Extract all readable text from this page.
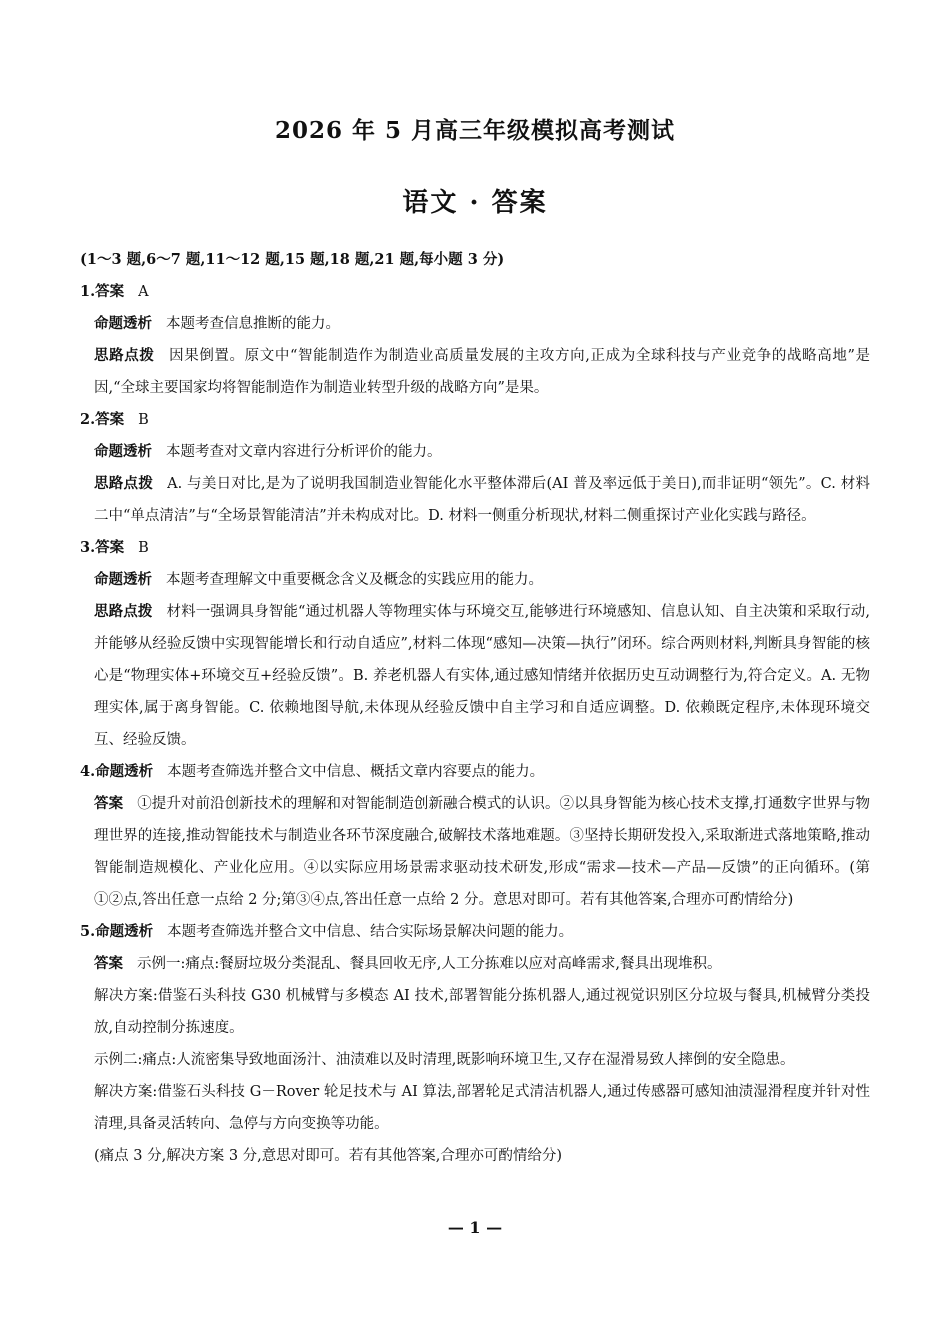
2026 年 5 月高三年级模拟高考测试
语文 · 答案
(1～3 题,6～7 题,11～12 题,15 题,18 题,21 题,每小题 3 分)
1.答案 A
命题透析 本题考查信息推断的能力。
思路点拨 因果倒置。原文中“智能制造作为制造业高质量发展的主攻方向,正成为全球科技与产业竞争的战略高地”是因,“全球主要国家均将智能制造作为制造业转型升级的战略方向”是果。
2.答案 B
命题透析 本题考查对文章内容进行分析评价的能力。
思路点拨 A. 与美日对比,是为了说明我国制造业智能化水平整体滞后(AI 普及率远低于美日),而非证明“领先”。C. 材料二中“单点清洁”与“全场景智能清洁”并未构成对比。D. 材料一侧重分析现状,材料二侧重探讨产业化实践与路径。
3.答案 B
命题透析 本题考查理解文中重要概念含义及概念的实践应用的能力。
思路点拨 材料一强调具身智能“通过机器人等物理实体与环境交互,能够进行环境感知、信息认知、自主决策和采取行动,并能够从经验反馈中实现智能增长和行动自适应”,材料二体现“感知—决策—执行”闭环。综合两则材料,判断具身智能的核心是“物理实体+环境交互+经验反馈”。B. 养老机器人有实体,通过感知情绪并依据历史互动调整行为,符合定义。A. 无物理实体,属于离身智能。C. 依赖地图导航,未体现从经验反馈中自主学习和自适应调整。D. 依赖既定程序,未体现环境交互、经验反馈。
4.命题透析 本题考查筛选并整合文中信息、概括文章内容要点的能力。
答案 ①提升对前沿创新技术的理解和对智能制造创新融合模式的认识。②以具身智能为核心技术支撑,打通数字世界与物理世界的连接,推动智能技术与制造业各环节深度融合,破解技术落地难题。③坚持长期研发投入,采取渐进式落地策略,推动智能制造规模化、产业化应用。④以实际应用场景需求驱动技术研发,形成“需求—技术—产品—反馈”的正向循环。(第①②点,答出任意一点给 2 分;第③④点,答出任意一点给 2 分。意思对即可。若有其他答案,合理亦可酌情给分)
5.命题透析 本题考查筛选并整合文中信息、结合实际场景解决问题的能力。
答案 示例一:痛点:餐厨垃圾分类混乱、餐具回收无序,人工分拣难以应对高峰需求,餐具出现堆积。
解决方案:借鉴石头科技 G30 机械臂与多模态 AI 技术,部署智能分拣机器人,通过视觉识别区分垃圾与餐具,机械臂分类投放,自动控制分拣速度。
示例二:痛点:人流密集导致地面汤汁、油渍难以及时清理,既影响环境卫生,又存在湿滑易致人摔倒的安全隐患。
解决方案:借鉴石头科技 G－Rover 轮足技术与 AI 算法,部署轮足式清洁机器人,通过传感器可感知油渍湿滑程度并针对性清理,具备灵活转向、急停与方向变换等功能。
(痛点 3 分,解决方案 3 分,意思对即可。若有其他答案,合理亦可酌情给分)
— 1 —
